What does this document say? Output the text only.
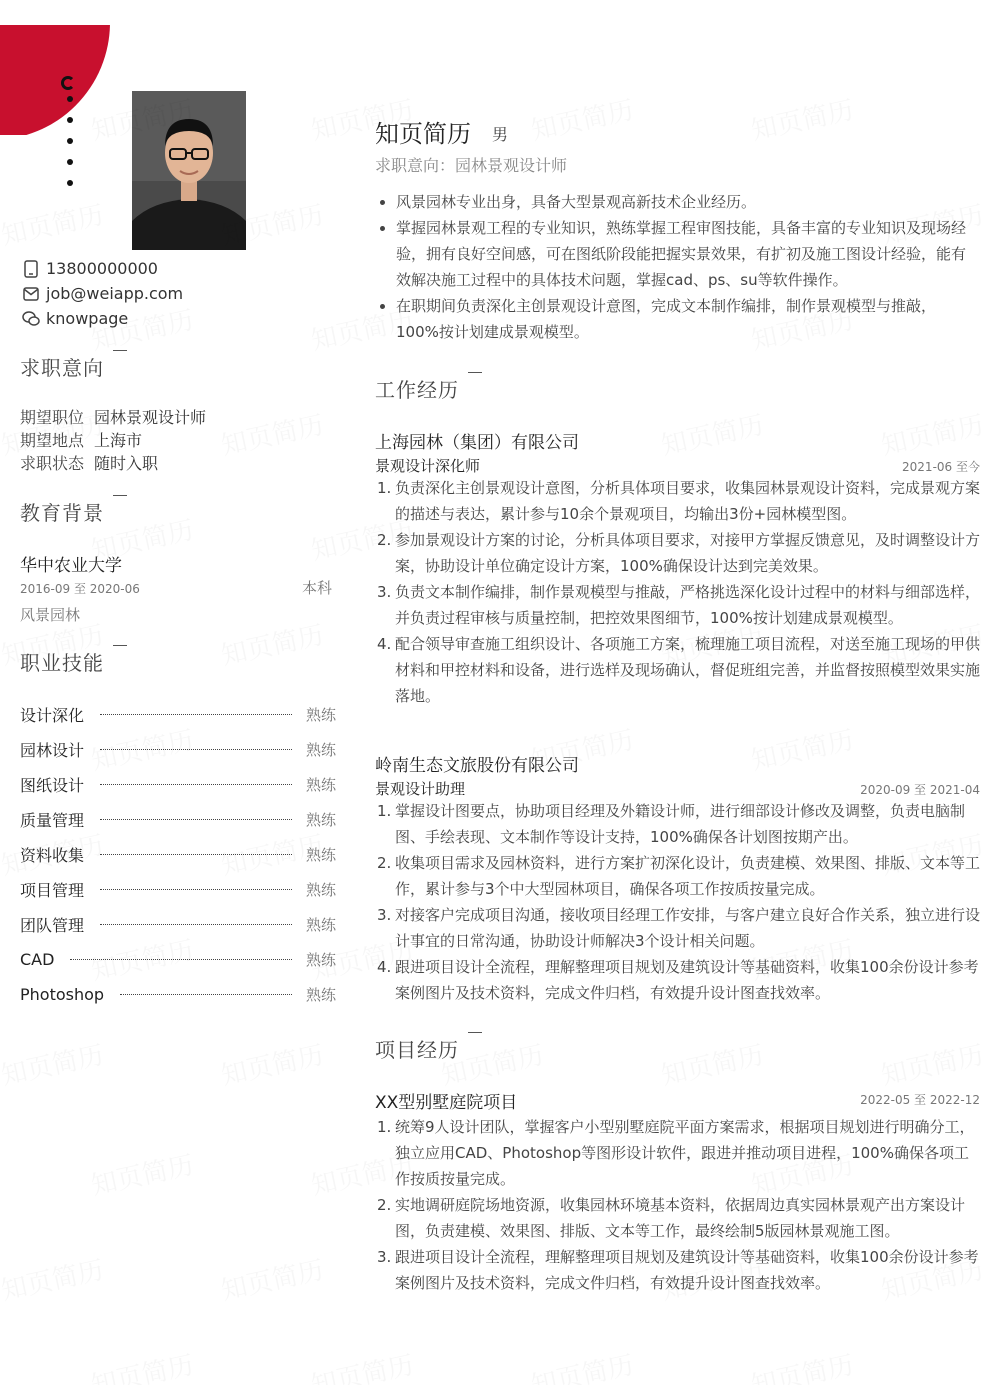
13800000000
job@weiapp.com
knowpage
求职意向
期望职位 园林景观设计师
期望地点 上海市
求职状态 随时入职
教育背景
华中农业大学
2016-09 至 2020-06	本科
风景园林
职业技能
设计深化	熟练
园林设计	熟练
图纸设计	熟练
质量管理	熟练
资料收集	熟练
项目管理	熟练
团队管理	熟练
CAD	熟练
Photoshop	熟练
知页简历 男
求职意向：园林景观设计师
风景园林专业出身，具备大型景观高新技术企业经历。
掌握园林景观工程的专业知识，熟练掌握工程审图技能，具备丰富的专业知识及现场经验，拥有良好空间感，可在图纸阶段能把握实景效果，有扩初及施工图设计经验，能有效解决施工过程中的具体技术问题，掌握cad、ps、su等软件操作。
在职期间负责深化主创景观设计意图，完成文本制作编排，制作景观模型与推敲，100%按计划建成景观模型。
工作经历
上海园林（集团）有限公司
景观设计深化师	2021-06 至今
1. 负责深化主创景观设计意图，分析具体项目要求，收集园林景观设计资料，完成景观方案的描述与表达，累计参与10余个景观项目，均输出3份+园林模型图。
2. 参加景观设计方案的讨论，分析具体项目要求，对接甲方掌握反馈意见，及时调整设计方案，协助设计单位确定设计方案，100%确保设计达到完美效果。
3. 负责文本制作编排，制作景观模型与推敲，严格挑选深化设计过程中的材料与细部选样，并负责过程审核与质量控制，把控效果图细节，100%按计划建成景观模型。
4. 配合领导审查施工组织设计、各项施工方案，梳理施工项目流程，对送至施工现场的甲供材料和甲控材料和设备，进行选样及现场确认，督促班组完善，并监督按照模型效果实施落地。
岭南生态文旅股份有限公司
景观设计助理	2020-09 至 2021-04
1. 掌握设计图要点，协助项目经理及外籍设计师，进行细部设计修改及调整，负责电脑制图、手绘表现、文本制作等设计支持，100%确保各计划图按期产出。
2. 收集项目需求及园林资料，进行方案扩初深化设计，负责建模、效果图、排版、文本等工作，累计参与3个中大型园林项目，确保各项工作按质按量完成。
3. 对接客户完成项目沟通，接收项目经理工作安排，与客户建立良好合作关系，独立进行设计事宜的日常沟通，协助设计师解决3个设计相关问题。
4. 跟进项目设计全流程，理解整理项目规划及建筑设计等基础资料，收集100余份设计参考案例图片及技术资料，完成文件归档，有效提升设计图查找效率。
项目经历
XX型别墅庭院项目	2022-05 至 2022-12
1. 统筹9人设计团队，掌握客户小型别墅庭院平面方案需求，根据项目规划进行明确分工，独立应用CAD、Photoshop等图形设计软件，跟进并推动项目进程，100%确保各项工作按质按量完成。
2. 实地调研庭院场地资源，收集园林环境基本资料，依据周边真实园林景观产出方案设计图，负责建模、效果图、排版、文本等工作，最终绘制5版园林景观施工图。
3. 跟进项目设计全流程，理解整理项目规划及建筑设计等基础资料，收集100余份设计参考案例图片及技术资料，完成文件归档，有效提升设计图查找效率。
